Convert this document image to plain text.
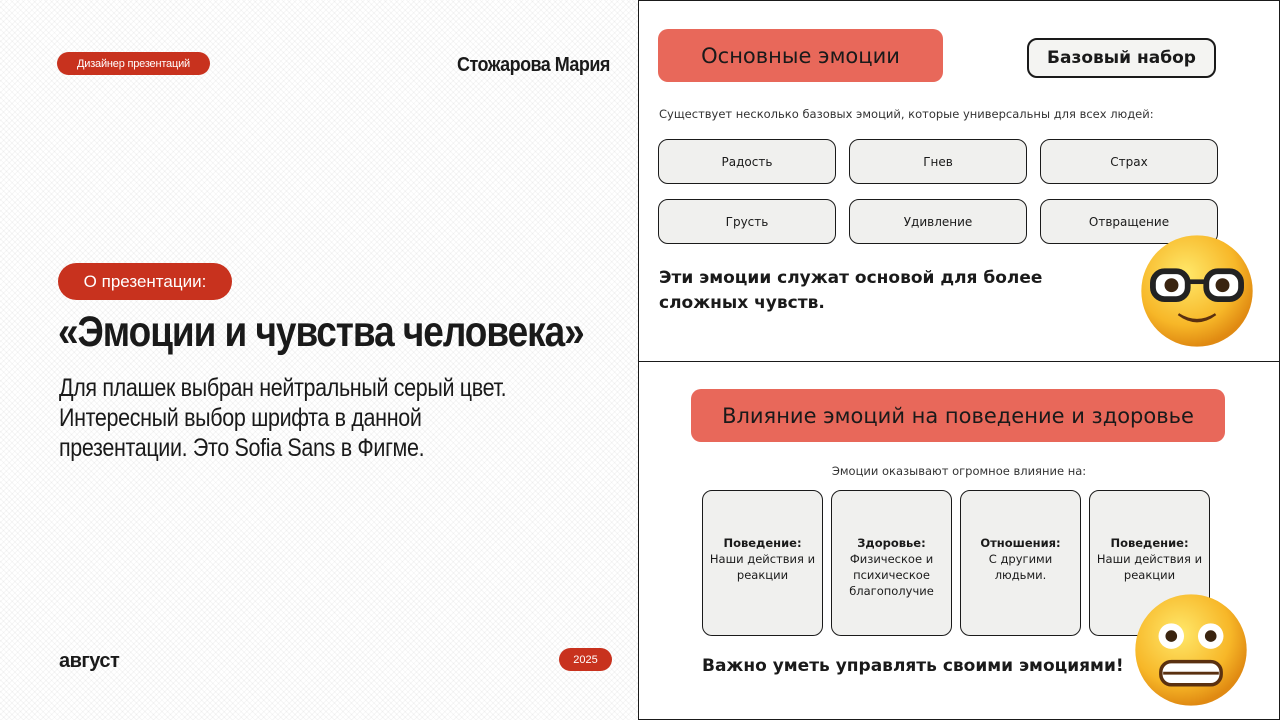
Дизайнер презентаций	Стожарова Мария
О презентации:
«Эмоции и чувства человека»
Для плашек выбран нейтральный серый цвет. Интересный выбор шрифта в данной презентации. Это Sofia Sans в Фигме.
август	2025
Основные эмоции	Базовый набор
Существует несколько базовых эмоций, которые универсальны для всех людей:
Радость	Гнев	Страх
Грусть	Удивление	Отвращение
Эти эмоции служат основой для более сложных чувств.
Влияние эмоций на поведение и здоровье
Эмоции оказывают огромное влияние на:
Поведение:
Наши действия и реакции
Здоровье:
Физическое и психическое благополучие
Отношения:
С другими людьми.
Поведение:
Наши действия и реакции
Важно уметь управлять своими эмоциями!
